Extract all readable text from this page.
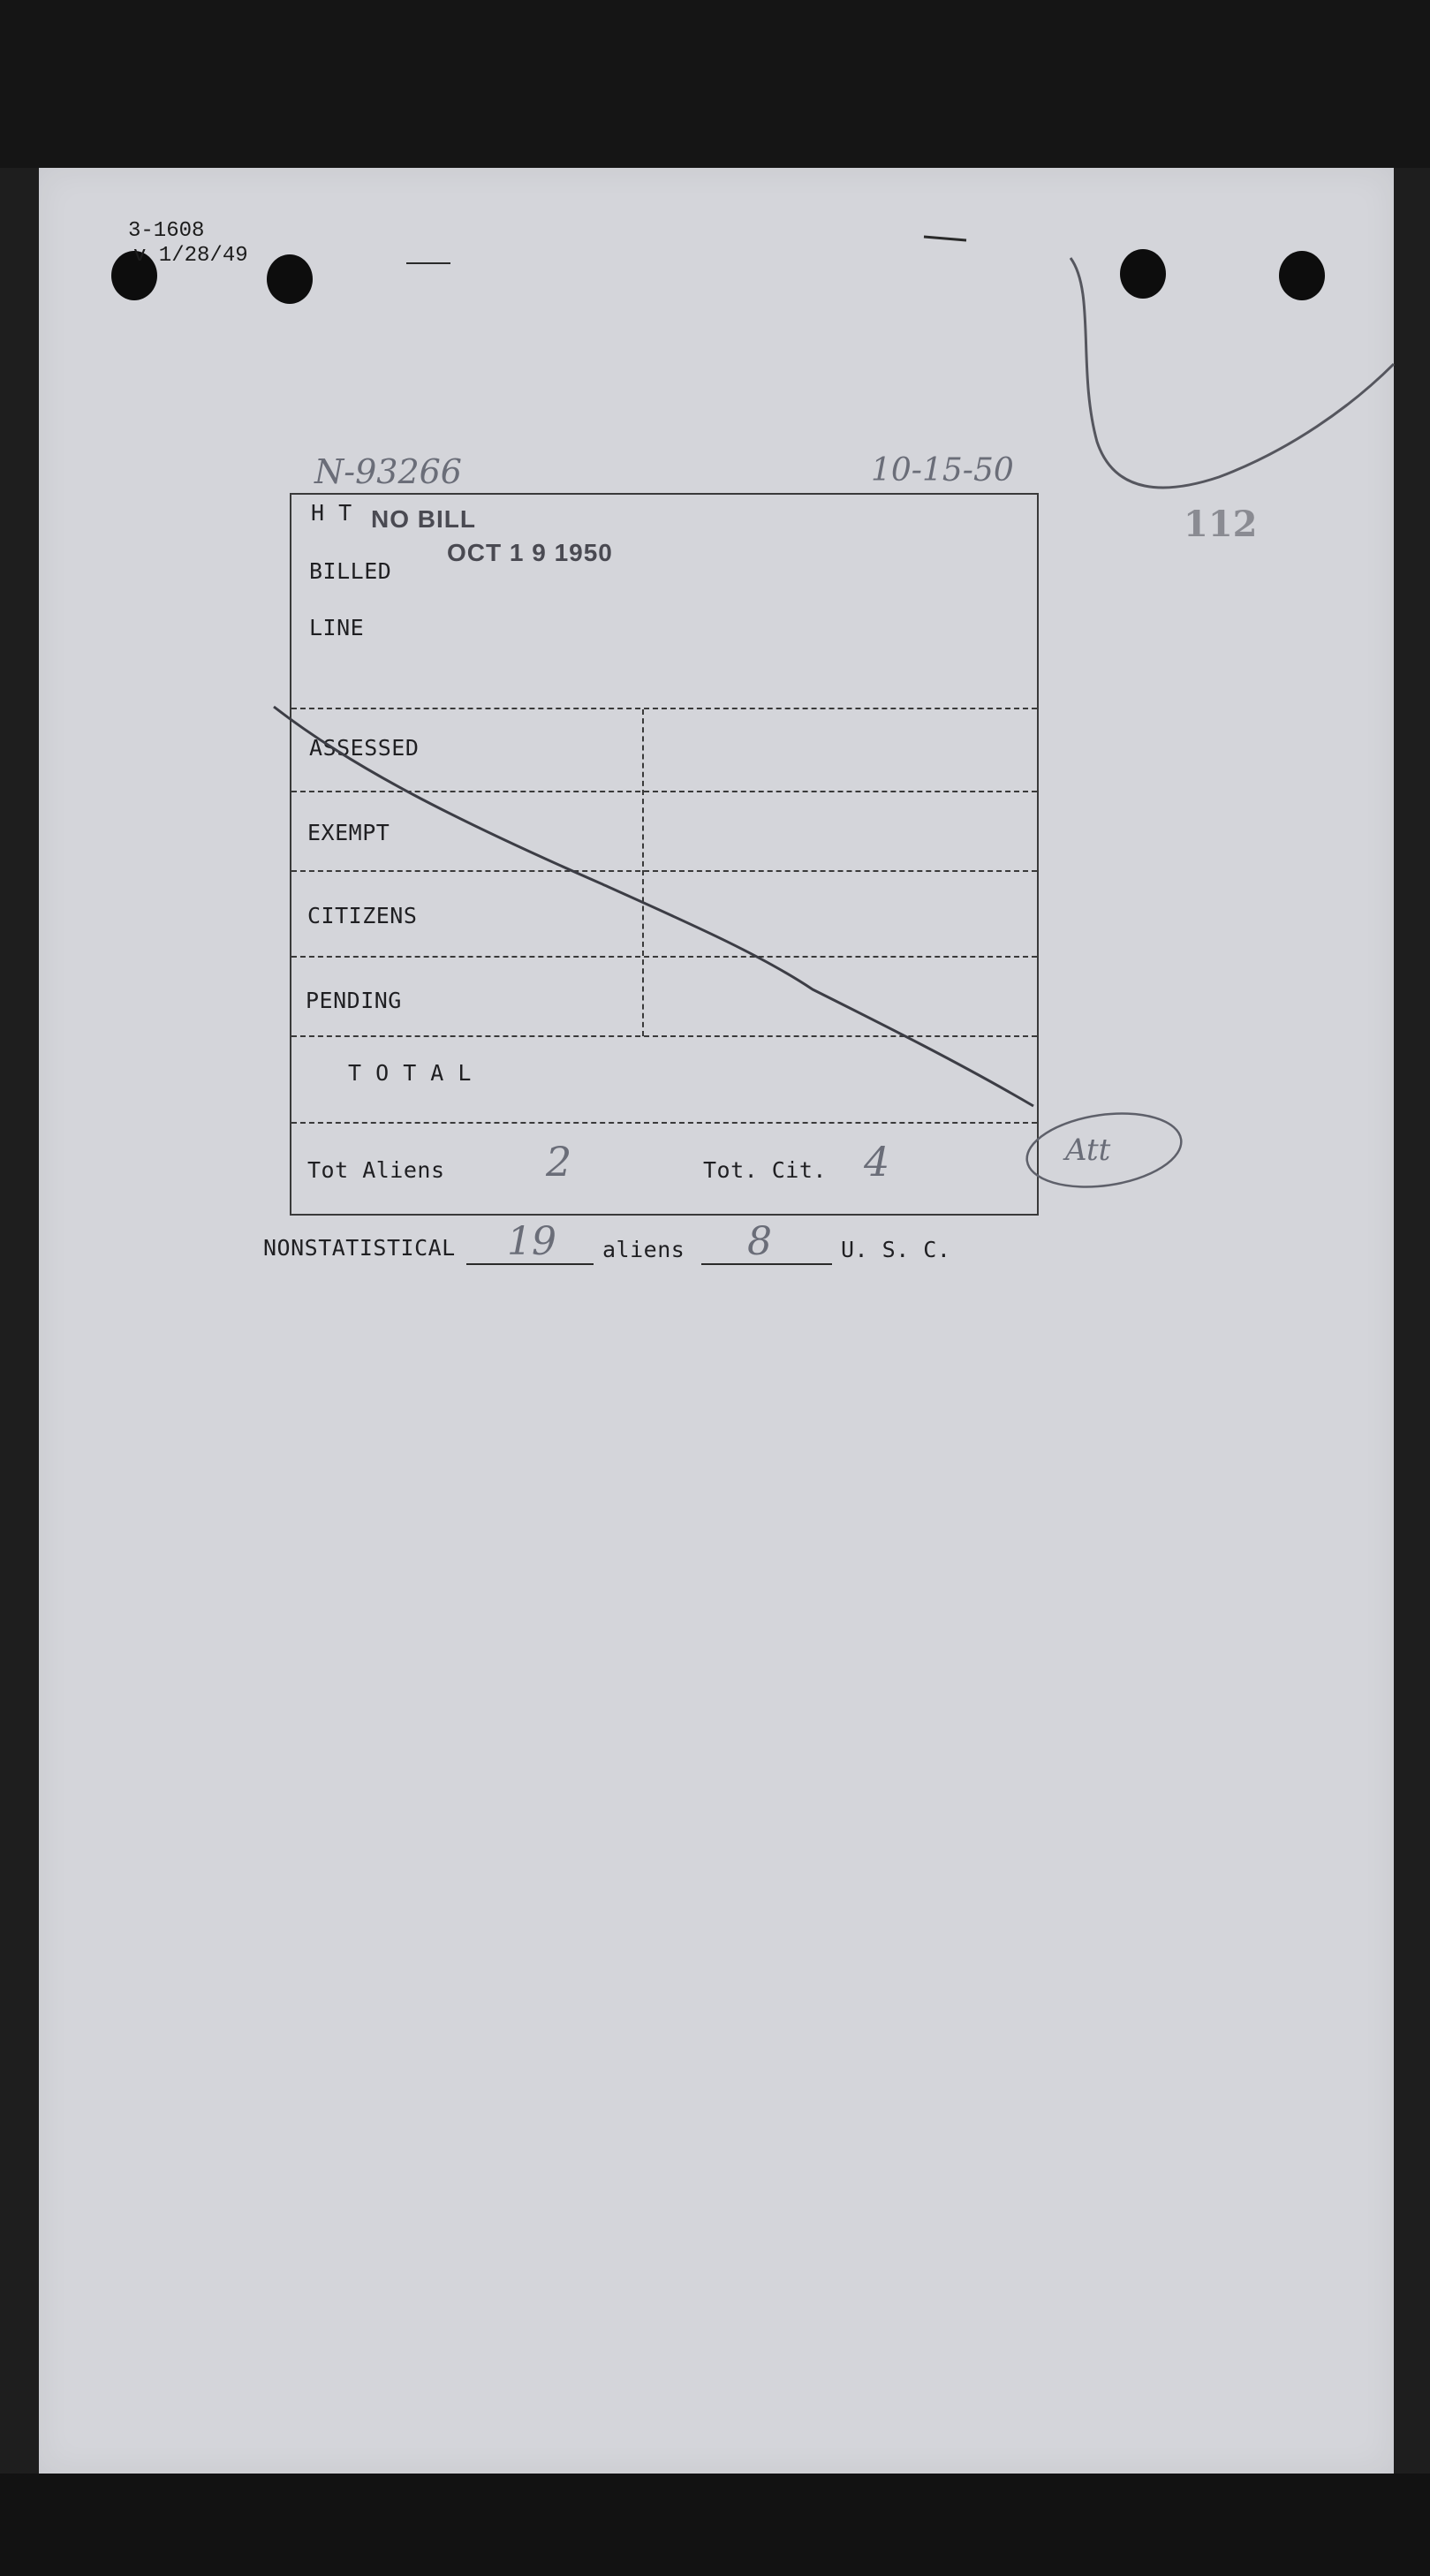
3-1608
v 1/28/49
N-93266	10-15-50
112
H T NO BILL
BILLED
OCT 1 9 1950
LINE
ASSESSED
EXEMPT
CITIZENS
PENDING
T O T A L
Tot Aliens 2	Tot. Cit. 4
NONSTATISTICAL 19 aliens 8	U. S. C.
Att
